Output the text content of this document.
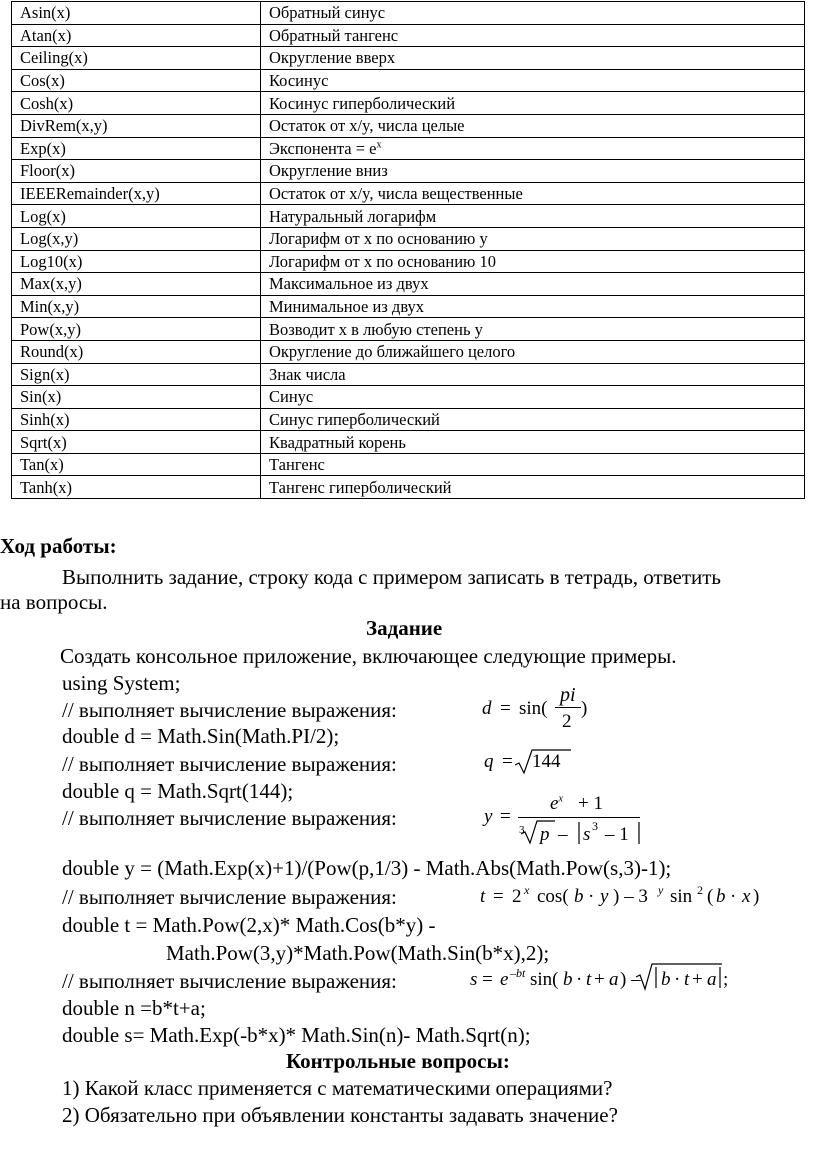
Asin(x)	Обратный синус
Atan(x)	Обратный тангенс
Ceiling(x)	Округление вверх
Cos(x)	Косинус
Cosh(x)	Косинус гиперболический
DivRem(x,y)	Остаток от x/y, числа целые
Exp(x)	Экспонента = $e^x$
Floor(x)	Округление вниз
IEEERemainder(x,y)	Остаток от x/y, числа вещественные
Log(x)	Натуральный логарифм
Log(x,y)	Логарифм от x по основанию y
Log10(x)	Логарифм от x по основанию 10
Max(x,y)	Максимальное из двух
Min(x,y)	Минимальное из двух
Pow(x,y)	Возводит x в любую степень y
Round(x)	Округление до ближайшего целого
Sign(x)	Знак числа
Sin(x)	Синус
Sinh(x)	Синус гиперболический
Sqrt(x)	Квадратный корень
Tan(x)	Тангенс
Tanh(x)	Тангенс гиперболический
Ход работы:
Выполнить задание, строку кода с примером записать в тетрадь, ответить
на вопросы.
Задание
Создать консольное приложение, включающее следующие примеры.
using System;
// выполняет вычисление выражения:
double d = Math.Sin(Math.PI/2);
// выполняет вычисление выражения:
double q = Math.Sqrt(144);
// выполняет вычисление выражения:
double y = (Math.Exp(x)+1)/(Pow(p,1/3) - Math.Abs(Math.Pow(s,3)-1);
// выполняет вычисление выражения:
double t = Math.Pow(2,x)* Math.Cos(b*y) -
Math.Pow(3,y)*Math.Pow(Math.Sin(b*x),2);
// выполняет вычисление выражения:
double n =b*t+a;
double s= Math.Exp(-b*x)* Math.Sin(n)- Math.Sqrt(n);
Контрольные вопросы:
1) Какой класс применяется с математическими операциями?
2) Обязательно при объявлении константы задавать значение?
d = sin(
pi
2
)
q = 144
y =
$e^x + 1$
3 p – s 3 – 1
t = 2 x cos( b · y ) – 3 y sin 2 ( b · x )
s = e –bt sin( b · t + a ) – b · t + a ;
